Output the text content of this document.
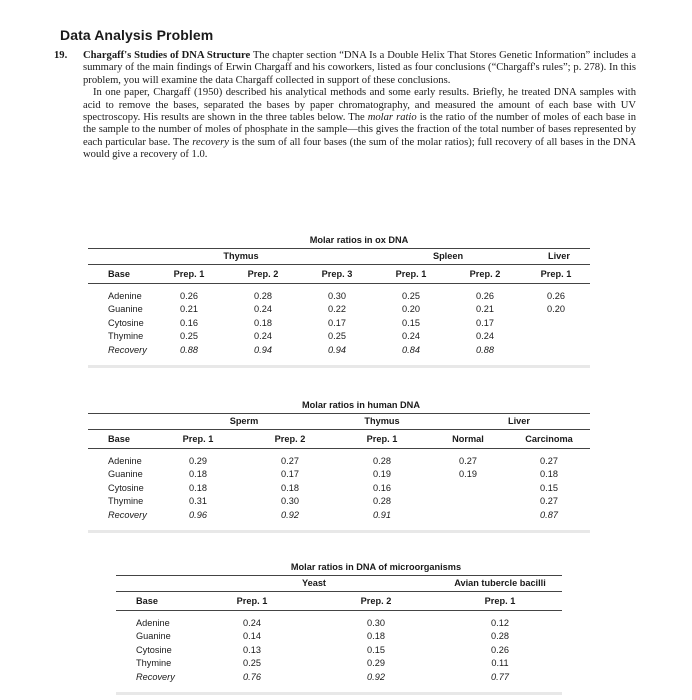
Data Analysis Problem

19. Chargaff's Studies of DNA Structure The chapter section “DNA Is a Double Helix That Stores Genetic Information” includes a summary of the main findings of Erwin Chargaff and his coworkers, listed as four conclusions (“Chargaff's rules”; p. 278). In this problem, you will examine the data Chargaff collected in support of these conclusions.

In one paper, Chargaff (1950) described his analytical methods and some early results. Briefly, he treated DNA samples with acid to remove the bases, separated the bases by paper chromatography, and measured the amount of each base with UV spectroscopy. His results are shown in the three tables below. The molar ratio is the ratio of the number of moles of each base in the sample to the number of moles of phosphate in the sample—this gives the fraction of the total number of bases represented by each particular base. The recovery is the sum of all four bases (the sum of the molar ratios); full recovery of all bases in the DNA would give a recovery of 1.0.

	Molar ratios in ox DNA					
	Thymus			Spleen		Liver
Base	Prep. 1	Prep. 2	Prep. 3	Prep. 1	Prep. 2	Prep. 1
Adenine	0.26	0.28	0.30	0.25	0.26	0.26
Guanine	0.21	0.24	0.22	0.20	0.21	0.20
Cytosine	0.16	0.18	0.17	0.15	0.17	
Thymine	0.25	0.24	0.25	0.24	0.24	
Recovery	0.88	0.94	0.94	0.84	0.88	
	Molar ratios in human DNA				
	Sperm		Thymus	Liver	
Base	Prep. 1	Prep. 2	Prep. 1	Normal	Carcinoma
Adenine	0.29	0.27	0.28	0.27	0.27
Guanine	0.18	0.17	0.19	0.19	0.18
Cytosine	0.18	0.18	0.16		0.15
Thymine	0.31	0.30	0.28		0.27
Recovery	0.96	0.92	0.91		0.87
	Molar ratios in DNA of microorganisms		
	Yeast		Avian tubercle bacilli
Base	Prep. 1	Prep. 2	Prep. 1
Adenine	0.24	0.30	0.12
Guanine	0.14	0.18	0.28
Cytosine	0.13	0.15	0.26
Thymine	0.25	0.29	0.11
Recovery	0.76	0.92	0.77
